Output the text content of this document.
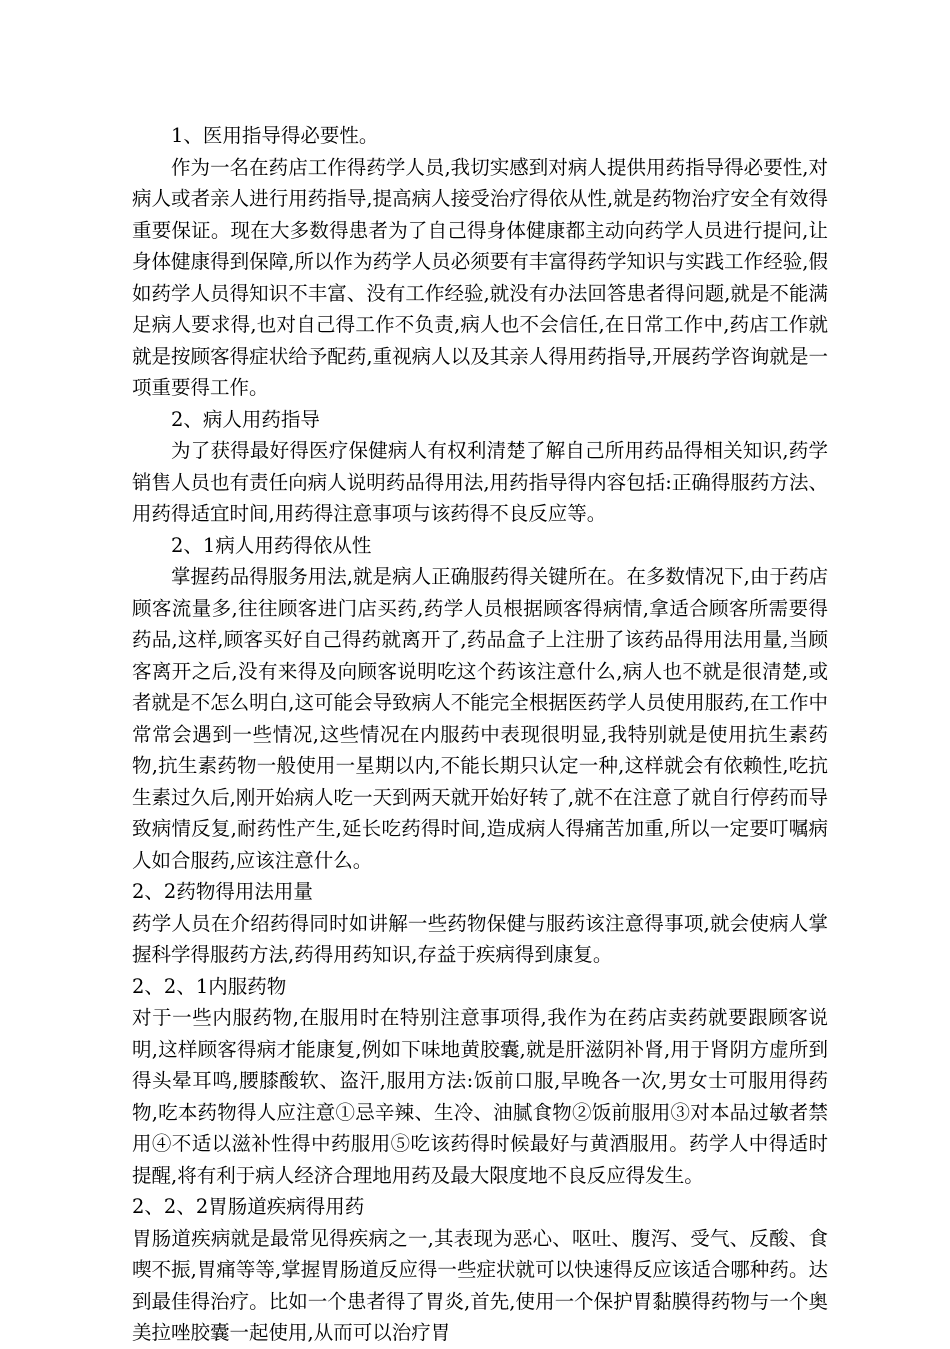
1、医用指导得必要性。

作为一名在药店工作得药学人员,我切实感到对病人提供用药指导得必要性,对病人或者亲人进行用药指导,提高病人接受治疗得依从性,就是药物治疗安全有效得重要保证。现在大多数得患者为了自己得身体健康都主动向药学人员进行提问,让身体健康得到保障,所以作为药学人员必须要有丰富得药学知识与实践工作经验,假如药学人员得知识不丰富、没有工作经验,就没有办法回答患者得问题,就是不能满足病人要求得,也对自己得工作不负责,病人也不会信任,在日常工作中,药店工作就就是按顾客得症状给予配药,重视病人以及其亲人得用药指导,开展药学咨询就是一项重要得工作。

2、病人用药指导

为了获得最好得医疗保健病人有权利清楚了解自己所用药品得相关知识,药学销售人员也有责任向病人说明药品得用法,用药指导得内容包括:正确得服药方法、用药得适宜时间,用药得注意事项与该药得不良反应等。

2、1病人用药得依从性

掌握药品得服务用法,就是病人正确服药得关键所在。在多数情况下,由于药店顾客流量多,往往顾客进门店买药,药学人员根据顾客得病情,拿适合顾客所需要得药品,这样,顾客买好自己得药就离开了,药品盒子上注册了该药品得用法用量,当顾客离开之后,没有来得及向顾客说明吃这个药该注意什么,病人也不就是很清楚,或者就是不怎么明白,这可能会导致病人不能完全根据医药学人员使用服药,在工作中常常会遇到一些情况,这些情况在内服药中表现很明显,我特别就是使用抗生素药物,抗生素药物一般使用一星期以内,不能长期只认定一种,这样就会有依赖性,吃抗生素过久后,刚开始病人吃一天到两天就开始好转了,就不在注意了就自行停药而导致病情反复,耐药性产生,延长吃药得时间,造成病人得痛苦加重,所以一定要叮嘱病人如合服药,应该注意什么。

2、2药物得用法用量

药学人员在介绍药得同时如讲解一些药物保健与服药该注意得事项,就会使病人掌握科学得服药方法,药得用药知识,存益于疾病得到康复。

2、2、1内服药物

对于一些内服药物,在服用时在特别注意事项得,我作为在药店卖药就要跟顾客说明,这样顾客得病才能康复,例如下味地黄胶囊,就是肝滋阴补肾,用于肾阴方虚所到得头晕耳鸣,腰膝酸软、盗汗,服用方法:饭前口服,早晚各一次,男女士可服用得药物,吃本药物得人应注意①忌辛辣、生冷、油腻食物②饭前服用③对本品过敏者禁用④不适以滋补性得中药服用⑤吃该药得时候最好与黄酒服用。药学人中得适时提醒,将有利于病人经济合理地用药及最大限度地不良反应得发生。

2、2、2胃肠道疾病得用药

胃肠道疾病就是最常见得疾病之一,其表现为恶心、呕吐、腹泻、受气、反酸、食喫不振,胃痛等等,掌握胃肠道反应得一些症状就可以快速得反应该适合哪种药。达到最佳得治疗。比如一个患者得了胃炎,首先,使用一个保护胃黏膜得药物与一个奥美拉唑胶囊一起使用,从而可以治疗胃
